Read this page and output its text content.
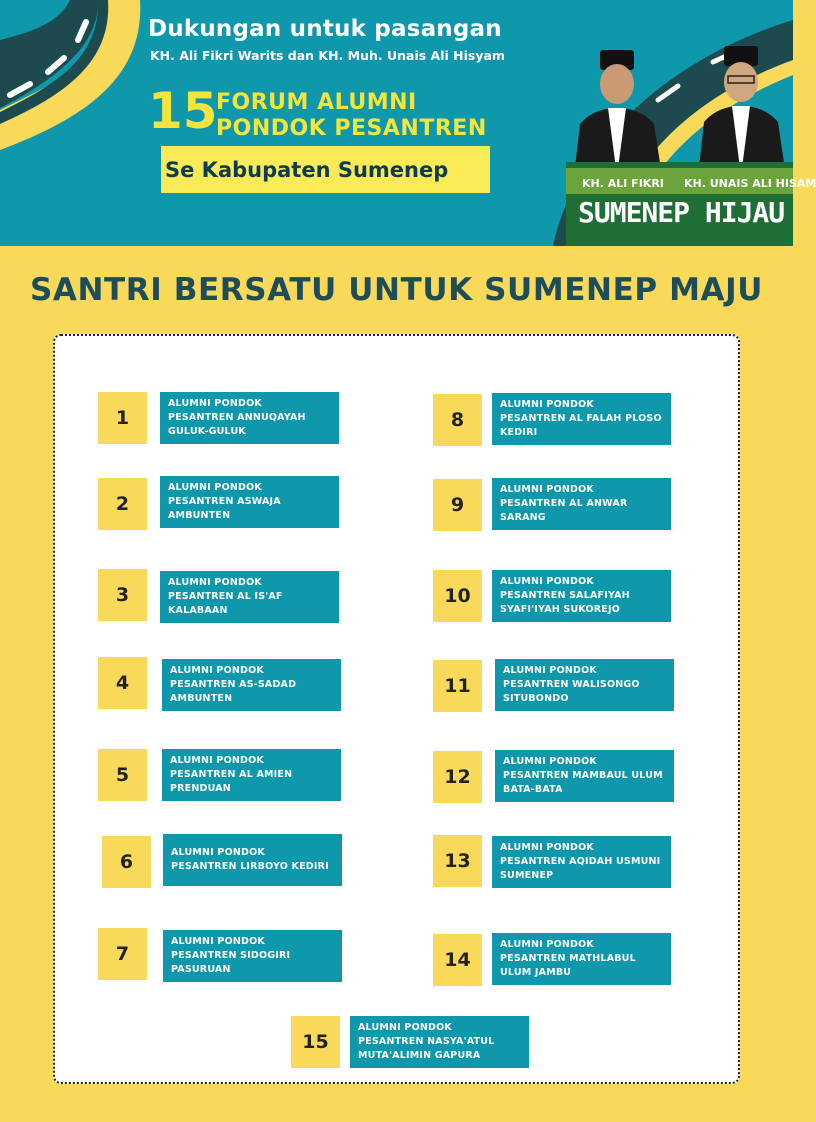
Dukungan untuk pasangan
KH. Ali Fikri Warits dan KH. Muh. Unais Ali Hisyam
15
FORUM ALUMNI
PONDOK PESANTREN
Se Kabupaten Sumenep
KH. ALI FIKRI KH. UNAIS ALI HISAM
SUMENEP HIJAU
SANTRI BERSATU UNTUK SUMENEP MAJU
1
ALUMNI PONDOK PESANTREN ANNUQAYAH GULUK-GULUK
2
ALUMNI PONDOK PESANTREN ASWAJA AMBUNTEN
3
ALUMNI PONDOK PESANTREN AL IS'AF KALABAAN
4
ALUMNI PONDOK PESANTREN AS-SADAD AMBUNTEN
5
ALUMNI PONDOK PESANTREN AL AMIEN PRENDUAN
6	ALUMNI PONDOK PESANTREN LIRBOYO KEDIRI
7
ALUMNI PONDOK PESANTREN SIDOGIRI PASURUAN
8
ALUMNI PONDOK PESANTREN AL FALAH PLOSO KEDIRI
9
ALUMNI PONDOK PESANTREN AL ANWAR SARANG
10
ALUMNI PONDOK PESANTREN SALAFIYAH SYAFI'IYAH SUKOREJO
11
ALUMNI PONDOK PESANTREN WALISONGO SITUBONDO
12
ALUMNI PONDOK PESANTREN MAMBAUL ULUM BATA-BATA
13
ALUMNI PONDOK PESANTREN AQIDAH USMUNI SUMENEP
14
ALUMNI PONDOK PESANTREN MATHLABUL ULUM JAMBU
15
ALUMNI PONDOK PESANTREN NASYA'ATUL MUTA'ALIMIN GAPURA
